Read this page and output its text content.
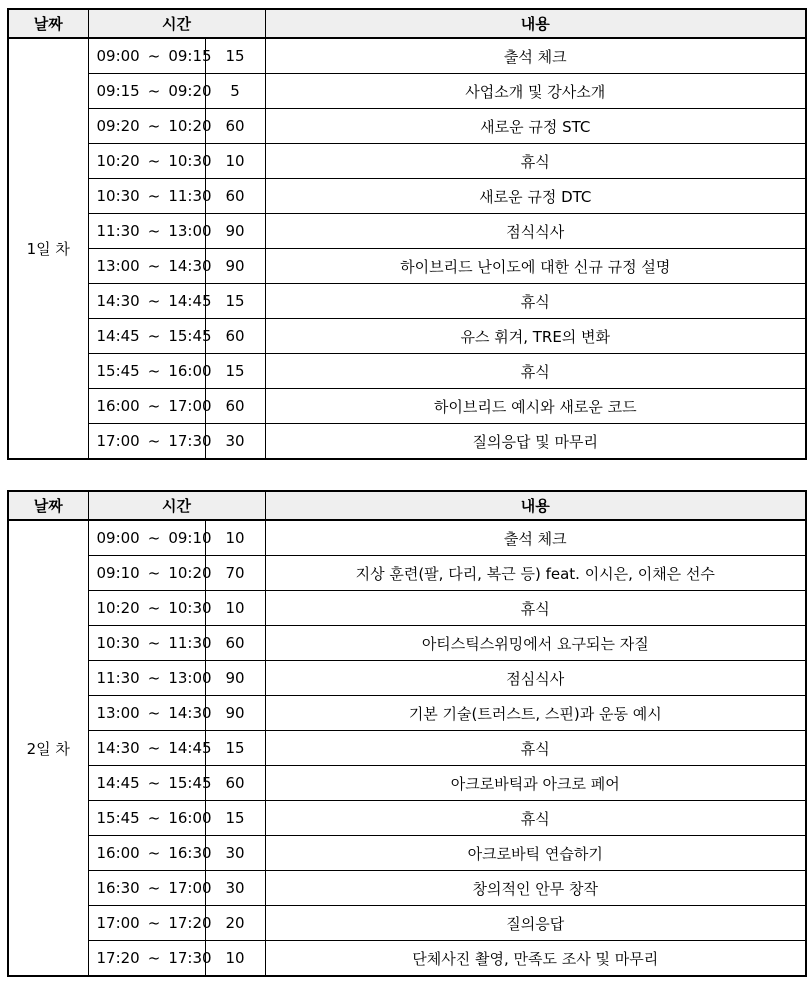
날짜	시간		내용
1일 차	09:00 ~ 09:15	15	출석 체크
	09:15 ~ 09:20	5	사업소개 및 강사소개
	09:20 ~ 10:20	60	새로운 규정 STC
	10:20 ~ 10:30	10	휴식
	10:30 ~ 11:30	60	새로운 규정 DTC
	11:30 ~ 13:00	90	점식식사
	13:00 ~ 14:30	90	하이브리드 난이도에 대한 신규 규정 설명
	14:30 ~ 14:45	15	휴식
	14:45 ~ 15:45	60	유스 휘겨, TRE의 변화
	15:45 ~ 16:00	15	휴식
	16:00 ~ 17:00	60	하이브리드 예시와 새로운 코드
	17:00 ~ 17:30	30	질의응답 및 마무리
날짜	시간		내용
2일 차	09:00 ~ 09:10	10	출석 체크
	09:10 ~ 10:20	70	지상 훈련(팔, 다리, 복근 등) feat. 이시은, 이채은 선수
	10:20 ~ 10:30	10	휴식
	10:30 ~ 11:30	60	아티스틱스위밍에서 요구되는 자질
	11:30 ~ 13:00	90	점심식사
	13:00 ~ 14:30	90	기본 기술(트러스트, 스핀)과 운동 예시
	14:30 ~ 14:45	15	휴식
	14:45 ~ 15:45	60	아크로바틱과 아크로 페어
	15:45 ~ 16:00	15	휴식
	16:00 ~ 16:30	30	아크로바틱 연습하기
	16:30 ~ 17:00	30	창의적인 안무 창작
	17:00 ~ 17:20	20	질의응답
	17:20 ~ 17:30	10	단체사진 촬영, 만족도 조사 및 마무리
